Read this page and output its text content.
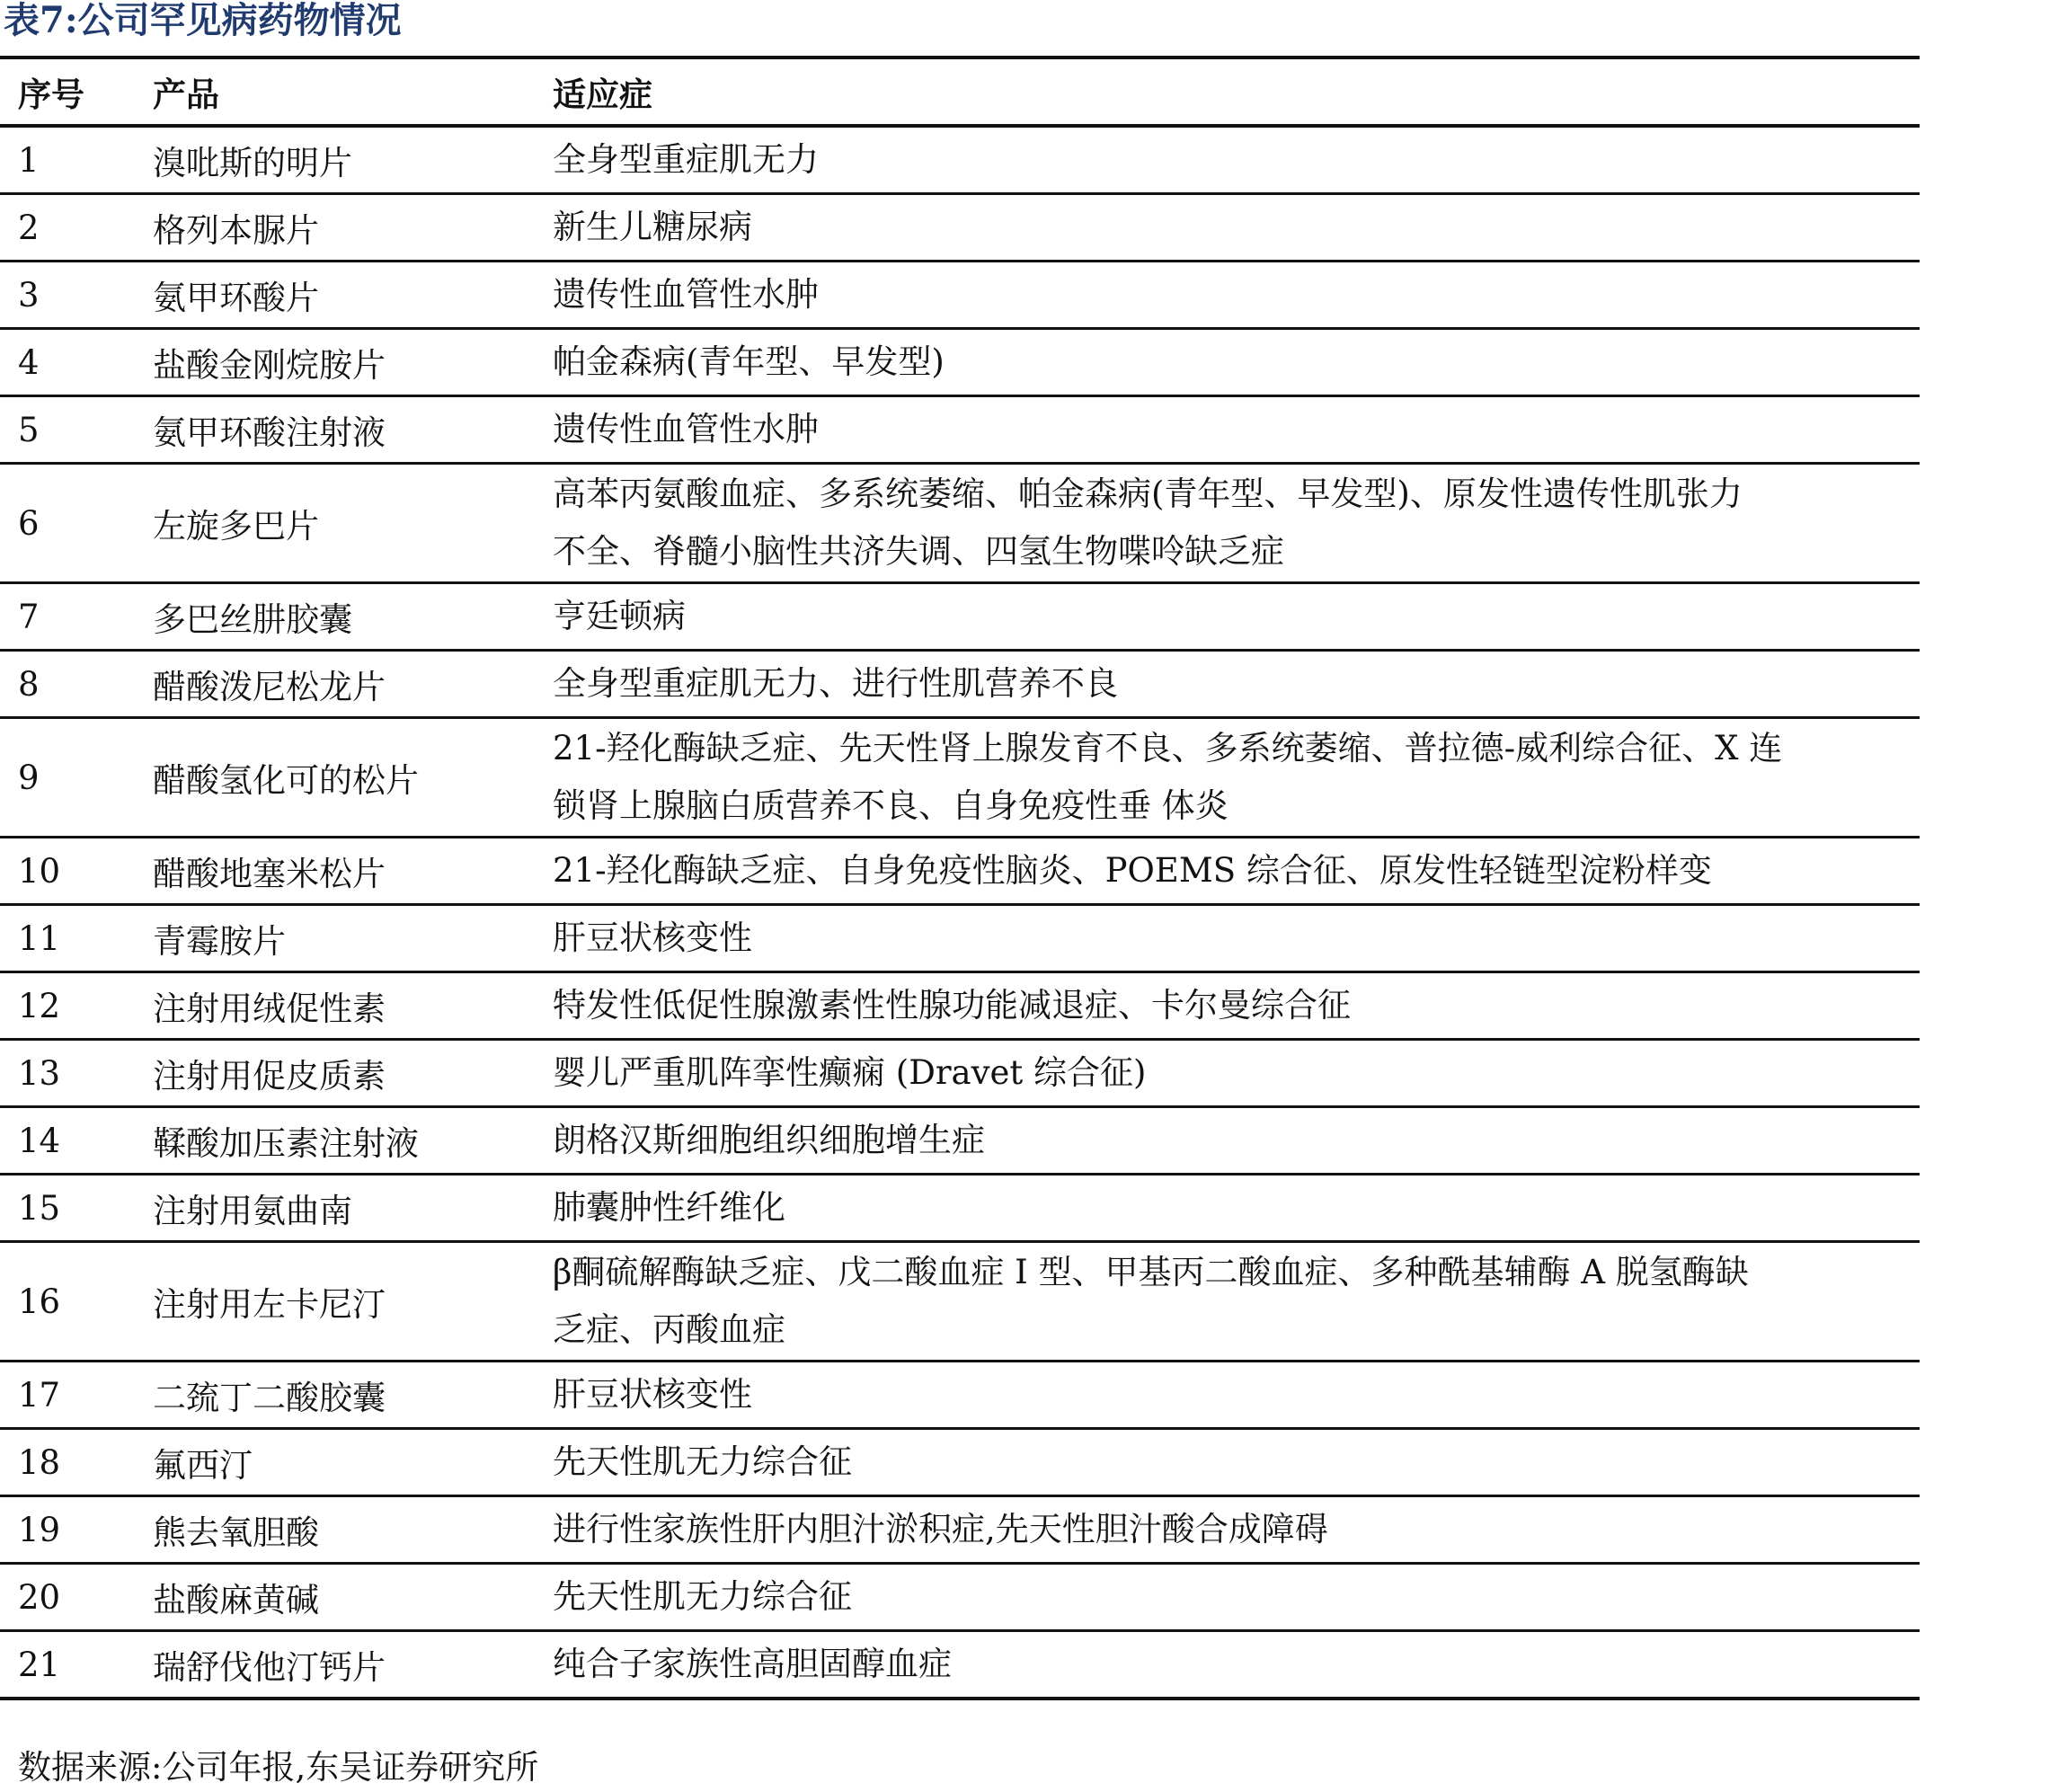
表7:公司罕见病药物情况
序号	产品	适应症
1	溴吡斯的明片	全身型重症肌无力

2	格列本脲片	新生儿糖尿病

3	氨甲环酸片	遗传性血管性水肿

4	盐酸金刚烷胺片	帕金森病(青年型、早发型)

5	氨甲环酸注射液	遗传性血管性水肿

6	左旋多巴片	高苯丙氨酸血症、多系统萎缩、帕金森病(青年型、早发型)、原发性遗传性肌张力
不全、脊髓小脑性共济失调、四氢生物喋呤缺乏症

7	多巴丝肼胶囊	亨廷顿病

8	醋酸泼尼松龙片	全身型重症肌无力、进行性肌营养不良

9	醋酸氢化可的松片	21-羟化酶缺乏症、先天性肾上腺发育不良、多系统萎缩、普拉德-威利综合征、X 连
锁肾上腺脑白质营养不良、自身免疫性垂 体炎

10	醋酸地塞米松片	21-羟化酶缺乏症、自身免疫性脑炎、POEMS 综合征、原发性轻链型淀粉样变

11	青霉胺片	肝豆状核变性

12	注射用绒促性素	特发性低促性腺激素性性腺功能减退症、卡尔曼综合征

13	注射用促皮质素	婴儿严重肌阵挛性癫痫 (Dravet 综合征)

14	鞣酸加压素注射液	朗格汉斯细胞组织细胞增生症

15	注射用氨曲南	肺囊肿性纤维化

16	注射用左卡尼汀	β酮硫解酶缺乏症、戊二酸血症 I 型、甲基丙二酸血症、多种酰基辅酶 A 脱氢酶缺
乏症、丙酸血症

17	二巯丁二酸胶囊	肝豆状核变性

18	氟西汀	先天性肌无力综合征

19	熊去氧胆酸	进行性家族性肝内胆汁淤积症,先天性胆汁酸合成障碍

20	盐酸麻黄碱	先天性肌无力综合征

21	瑞舒伐他汀钙片	纯合子家族性高胆固醇血症
数据来源:公司年报,东吴证券研究所
